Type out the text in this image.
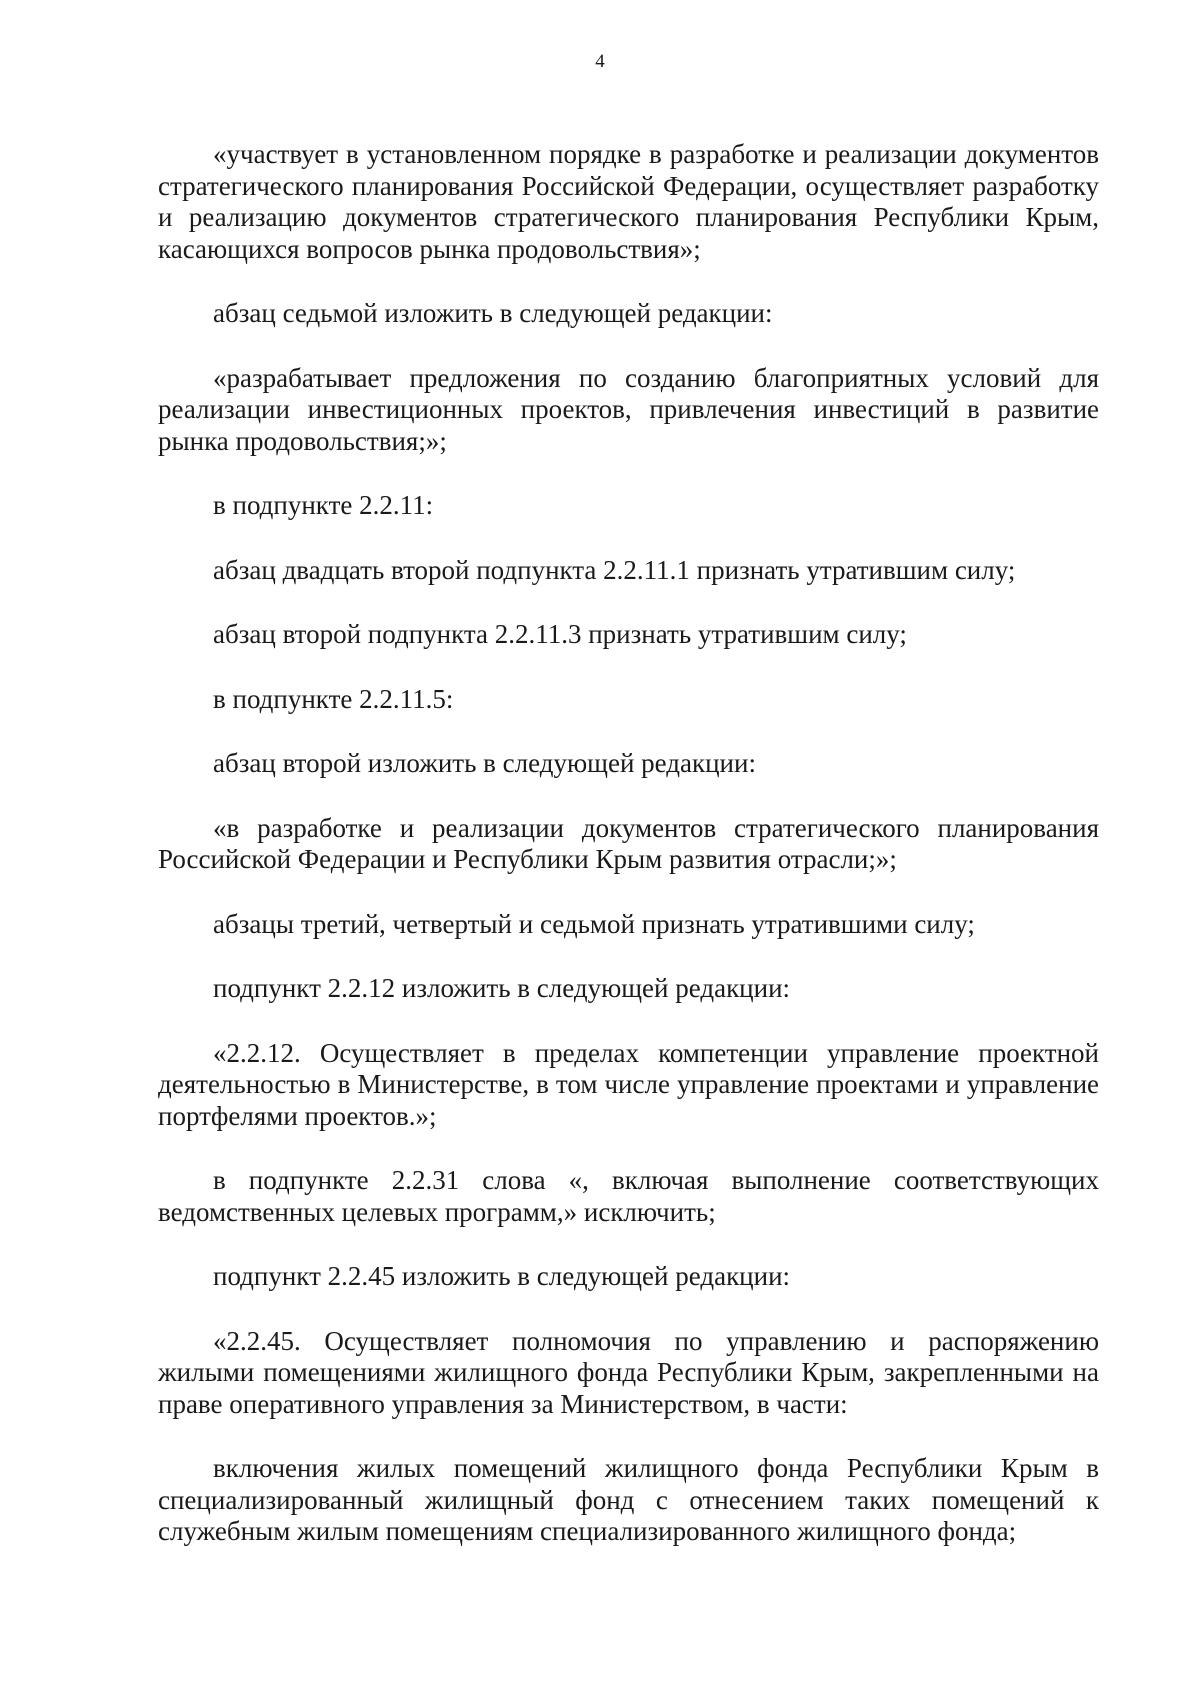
4

«участвует в установленном порядке в разработке и реализации документов стратегического планирования Российской Федерации, осуществляет разработку и реализацию документов стратегического планирования Республики Крым, касающихся вопросов рынка продовольствия»;

абзац седьмой изложить в следующей редакции:

«разрабатывает предложения по созданию благоприятных условий для реализации инвестиционных проектов, привлечения инвестиций в развитие рынка продовольствия;»;

в подпункте 2.2.11:

абзац двадцать второй подпункта 2.2.11.1 признать утратившим силу;

абзац второй подпункта 2.2.11.3 признать утратившим силу;

в подпункте 2.2.11.5:

абзац второй изложить в следующей редакции:

«в разработке и реализации документов стратегического планирования Российской Федерации и Республики Крым развития отрасли;»;

абзацы третий, четвертый и седьмой признать утратившими силу;

подпункт 2.2.12 изложить в следующей редакции:

«2.2.12. Осуществляет в пределах компетенции управление проектной деятельностью в Министерстве, в том числе управление проектами и управление портфелями проектов.»;

в подпункте 2.2.31 слова «, включая выполнение соответствующих ведомственных целевых программ,» исключить;

подпункт 2.2.45 изложить в следующей редакции:

«2.2.45. Осуществляет полномочия по управлению и распоряжению жилыми помещениями жилищного фонда Республики Крым, закрепленными на праве оперативного управления за Министерством, в части:

включения жилых помещений жилищного фонда Республики Крым в специализированный жилищный фонд с отнесением таких помещений к служебным жилым помещениям специализированного жилищного фонда;
